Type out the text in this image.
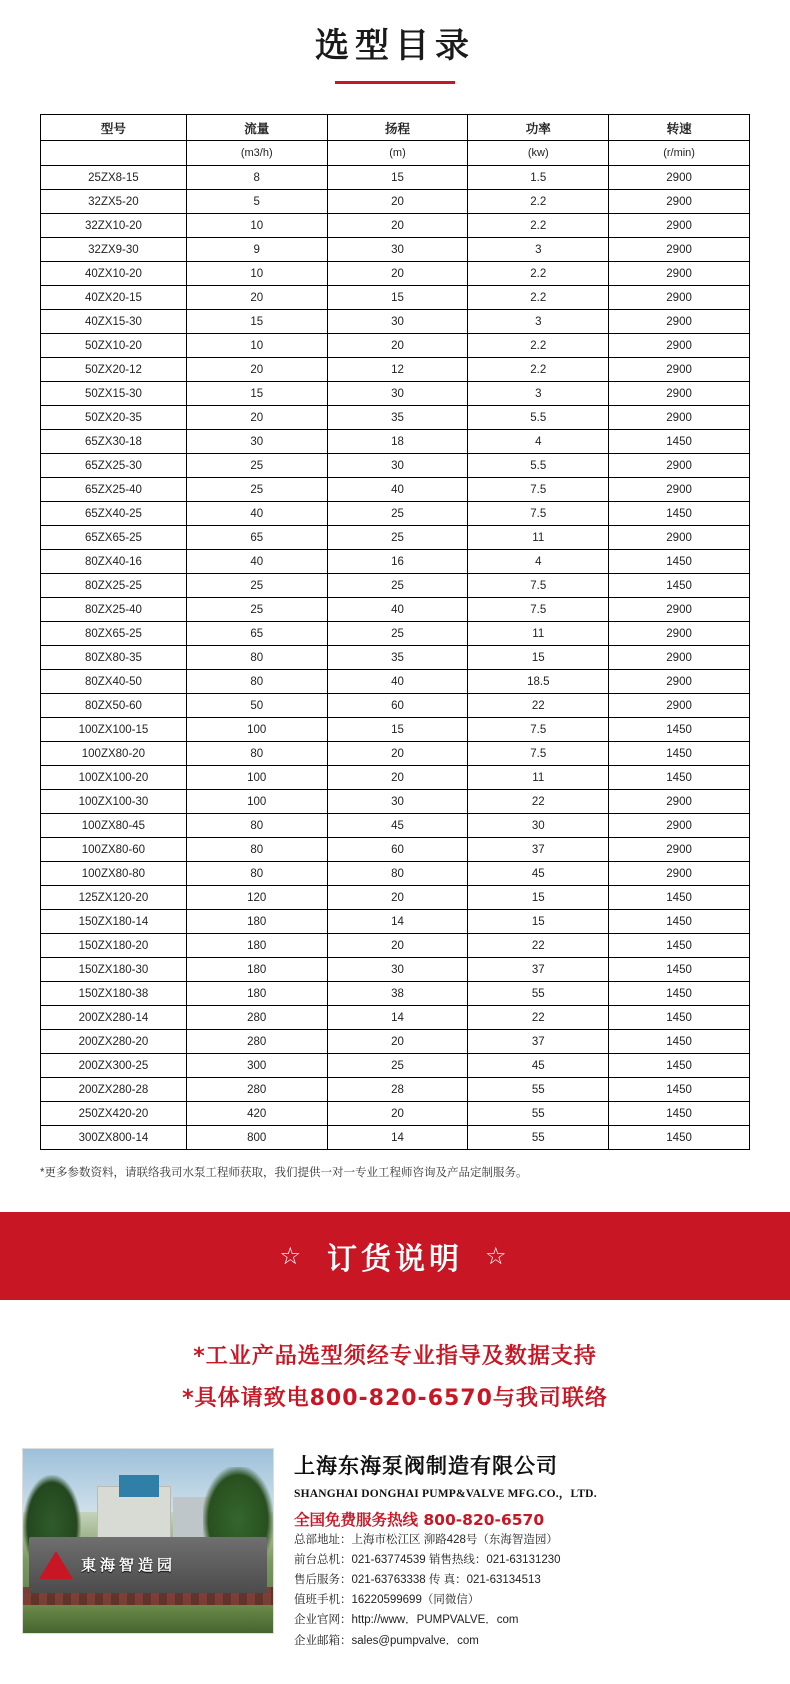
选型目录
型号	流量	扬程	功率	转速
	(m3/h)	(m)	(kw)	(r/min)
25ZX8-15	8	15	1.5	2900
32ZX5-20	5	20	2.2	2900
32ZX10-20	10	20	2.2	2900
32ZX9-30	9	30	3	2900
40ZX10-20	10	20	2.2	2900
40ZX20-15	20	15	2.2	2900
40ZX15-30	15	30	3	2900
50ZX10-20	10	20	2.2	2900
50ZX20-12	20	12	2.2	2900
50ZX15-30	15	30	3	2900
50ZX20-35	20	35	5.5	2900
65ZX30-18	30	18	4	1450
65ZX25-30	25	30	5.5	2900
65ZX25-40	25	40	7.5	2900
65ZX40-25	40	25	7.5	1450
65ZX65-25	65	25	11	2900
80ZX40-16	40	16	4	1450
80ZX25-25	25	25	7.5	1450
80ZX25-40	25	40	7.5	2900
80ZX65-25	65	25	11	2900
80ZX80-35	80	35	15	2900
80ZX40-50	80	40	18.5	2900
80ZX50-60	50	60	22	2900
100ZX100-15	100	15	7.5	1450
100ZX80-20	80	20	7.5	1450
100ZX100-20	100	20	11	1450
100ZX100-30	100	30	22	2900
100ZX80-45	80	45	30	2900
100ZX80-60	80	60	37	2900
100ZX80-80	80	80	45	2900
125ZX120-20	120	20	15	1450
150ZX180-14	180	14	15	1450
150ZX180-20	180	20	22	1450
150ZX180-30	180	30	37	1450
150ZX180-38	180	38	55	1450
200ZX280-14	280	14	22	1450
200ZX280-20	280	20	37	1450
200ZX300-25	300	25	45	1450
200ZX280-28	280	28	55	1450
250ZX420-20	420	20	55	1450
300ZX800-14	800	14	55	1450
*更多参数资料，请联络我司水泵工程师获取，我们提供一对一专业工程师咨询及产品定制服务。
☆ 订货说明 ☆
*工业产品选型须经专业指导及数据支持
*具体请致电800-820-6570与我司联络
東海智造园
上海东海泵阀制造有限公司
SHANGHAI DONGHAI PUMP&VALVE MFG.CO.，LTD.
全国免费服务热线 800-820-6570
总部地址：上海市松江区 泖路428号（东海智造园）
前台总机：021-63774539 销售热线：021-63131230
售后服务：021-63763338 传 真：021-63134513
值班手机：16220599699（同微信）
企业官网：http://www．PUMPVALVE．com
企业邮箱：sales@pumpvalve．com
